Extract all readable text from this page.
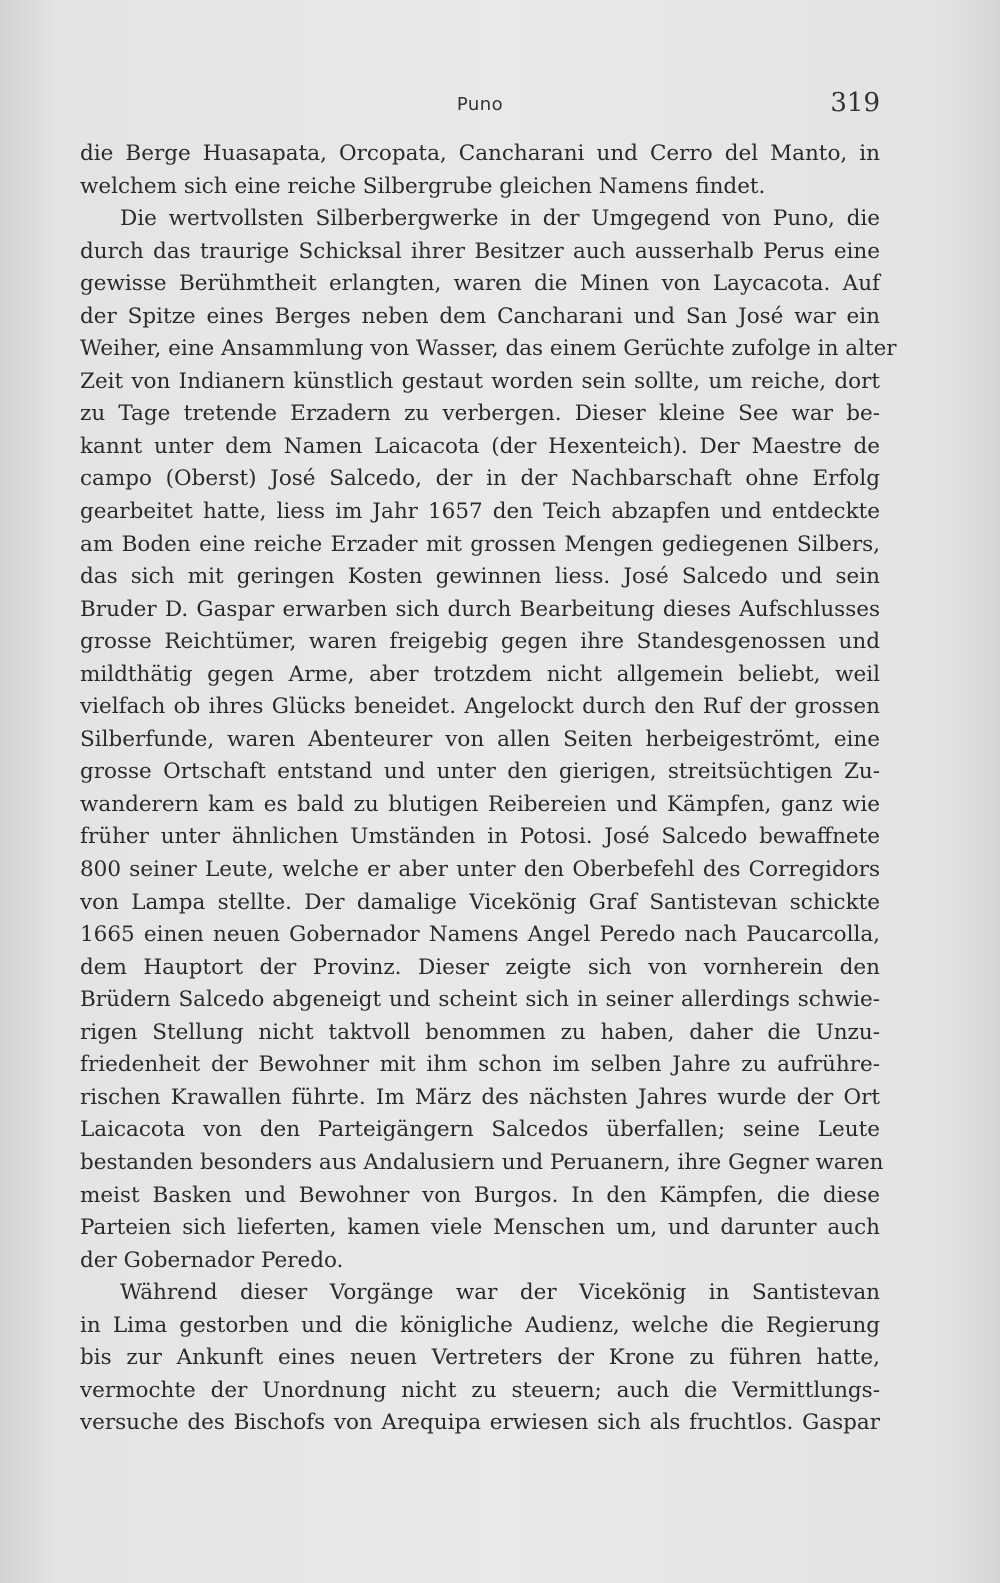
Puno	319
die Berge Huasapata, Orcopata, Cancharani und Cerro del Manto, in
welchem sich eine reiche Silbergrube gleichen Namens findet.
Die wertvollsten Silberbergwerke in der Umgegend von Puno, die
durch das traurige Schicksal ihrer Besitzer auch ausserhalb Perus eine
gewisse Berühmtheit erlangten, waren die Minen von Laycacota. Auf
der Spitze eines Berges neben dem Cancharani und San José war ein
Weiher, eine Ansammlung von Wasser, das einem Gerüchte zufolge in alter
Zeit von Indianern künstlich gestaut worden sein sollte, um reiche, dort
zu Tage tretende Erzadern zu verbergen. Dieser kleine See war be-
kannt unter dem Namen Laicacota (der Hexenteich). Der Maestre de
campo (Oberst) José Salcedo, der in der Nachbarschaft ohne Erfolg
gearbeitet hatte, liess im Jahr 1657 den Teich abzapfen und entdeckte
am Boden eine reiche Erzader mit grossen Mengen gediegenen Silbers,
das sich mit geringen Kosten gewinnen liess. José Salcedo und sein
Bruder D. Gaspar erwarben sich durch Bearbeitung dieses Aufschlusses
grosse Reichtümer, waren freigebig gegen ihre Standesgenossen und
mildthätig gegen Arme, aber trotzdem nicht allgemein beliebt, weil
vielfach ob ihres Glücks beneidet. Angelockt durch den Ruf der grossen
Silberfunde, waren Abenteurer von allen Seiten herbeigeströmt, eine
grosse Ortschaft entstand und unter den gierigen, streitsüchtigen Zu-
wanderern kam es bald zu blutigen Reibereien und Kämpfen, ganz wie
früher unter ähnlichen Umständen in Potosi. José Salcedo bewaffnete
800 seiner Leute, welche er aber unter den Oberbefehl des Corregidors
von Lampa stellte. Der damalige Vicekönig Graf Santistevan schickte
1665 einen neuen Gobernador Namens Angel Peredo nach Paucarcolla,
dem Hauptort der Provinz. Dieser zeigte sich von vornherein den
Brüdern Salcedo abgeneigt und scheint sich in seiner allerdings schwie-
rigen Stellung nicht taktvoll benommen zu haben, daher die Unzu-
friedenheit der Bewohner mit ihm schon im selben Jahre zu aufrühre-
rischen Krawallen führte. Im März des nächsten Jahres wurde der Ort
Laicacota von den Parteigängern Salcedos überfallen; seine Leute
bestanden besonders aus Andalusiern und Peruanern, ihre Gegner waren
meist Basken und Bewohner von Burgos. In den Kämpfen, die diese
Parteien sich lieferten, kamen viele Menschen um, und darunter auch
der Gobernador Peredo.
Während dieser Vorgänge war der Vicekönig in Santistevan
in Lima gestorben und die königliche Audienz, welche die Regierung
bis zur Ankunft eines neuen Vertreters der Krone zu führen hatte,
vermochte der Unordnung nicht zu steuern; auch die Vermittlungs-
versuche des Bischofs von Arequipa erwiesen sich als fruchtlos. Gaspar
